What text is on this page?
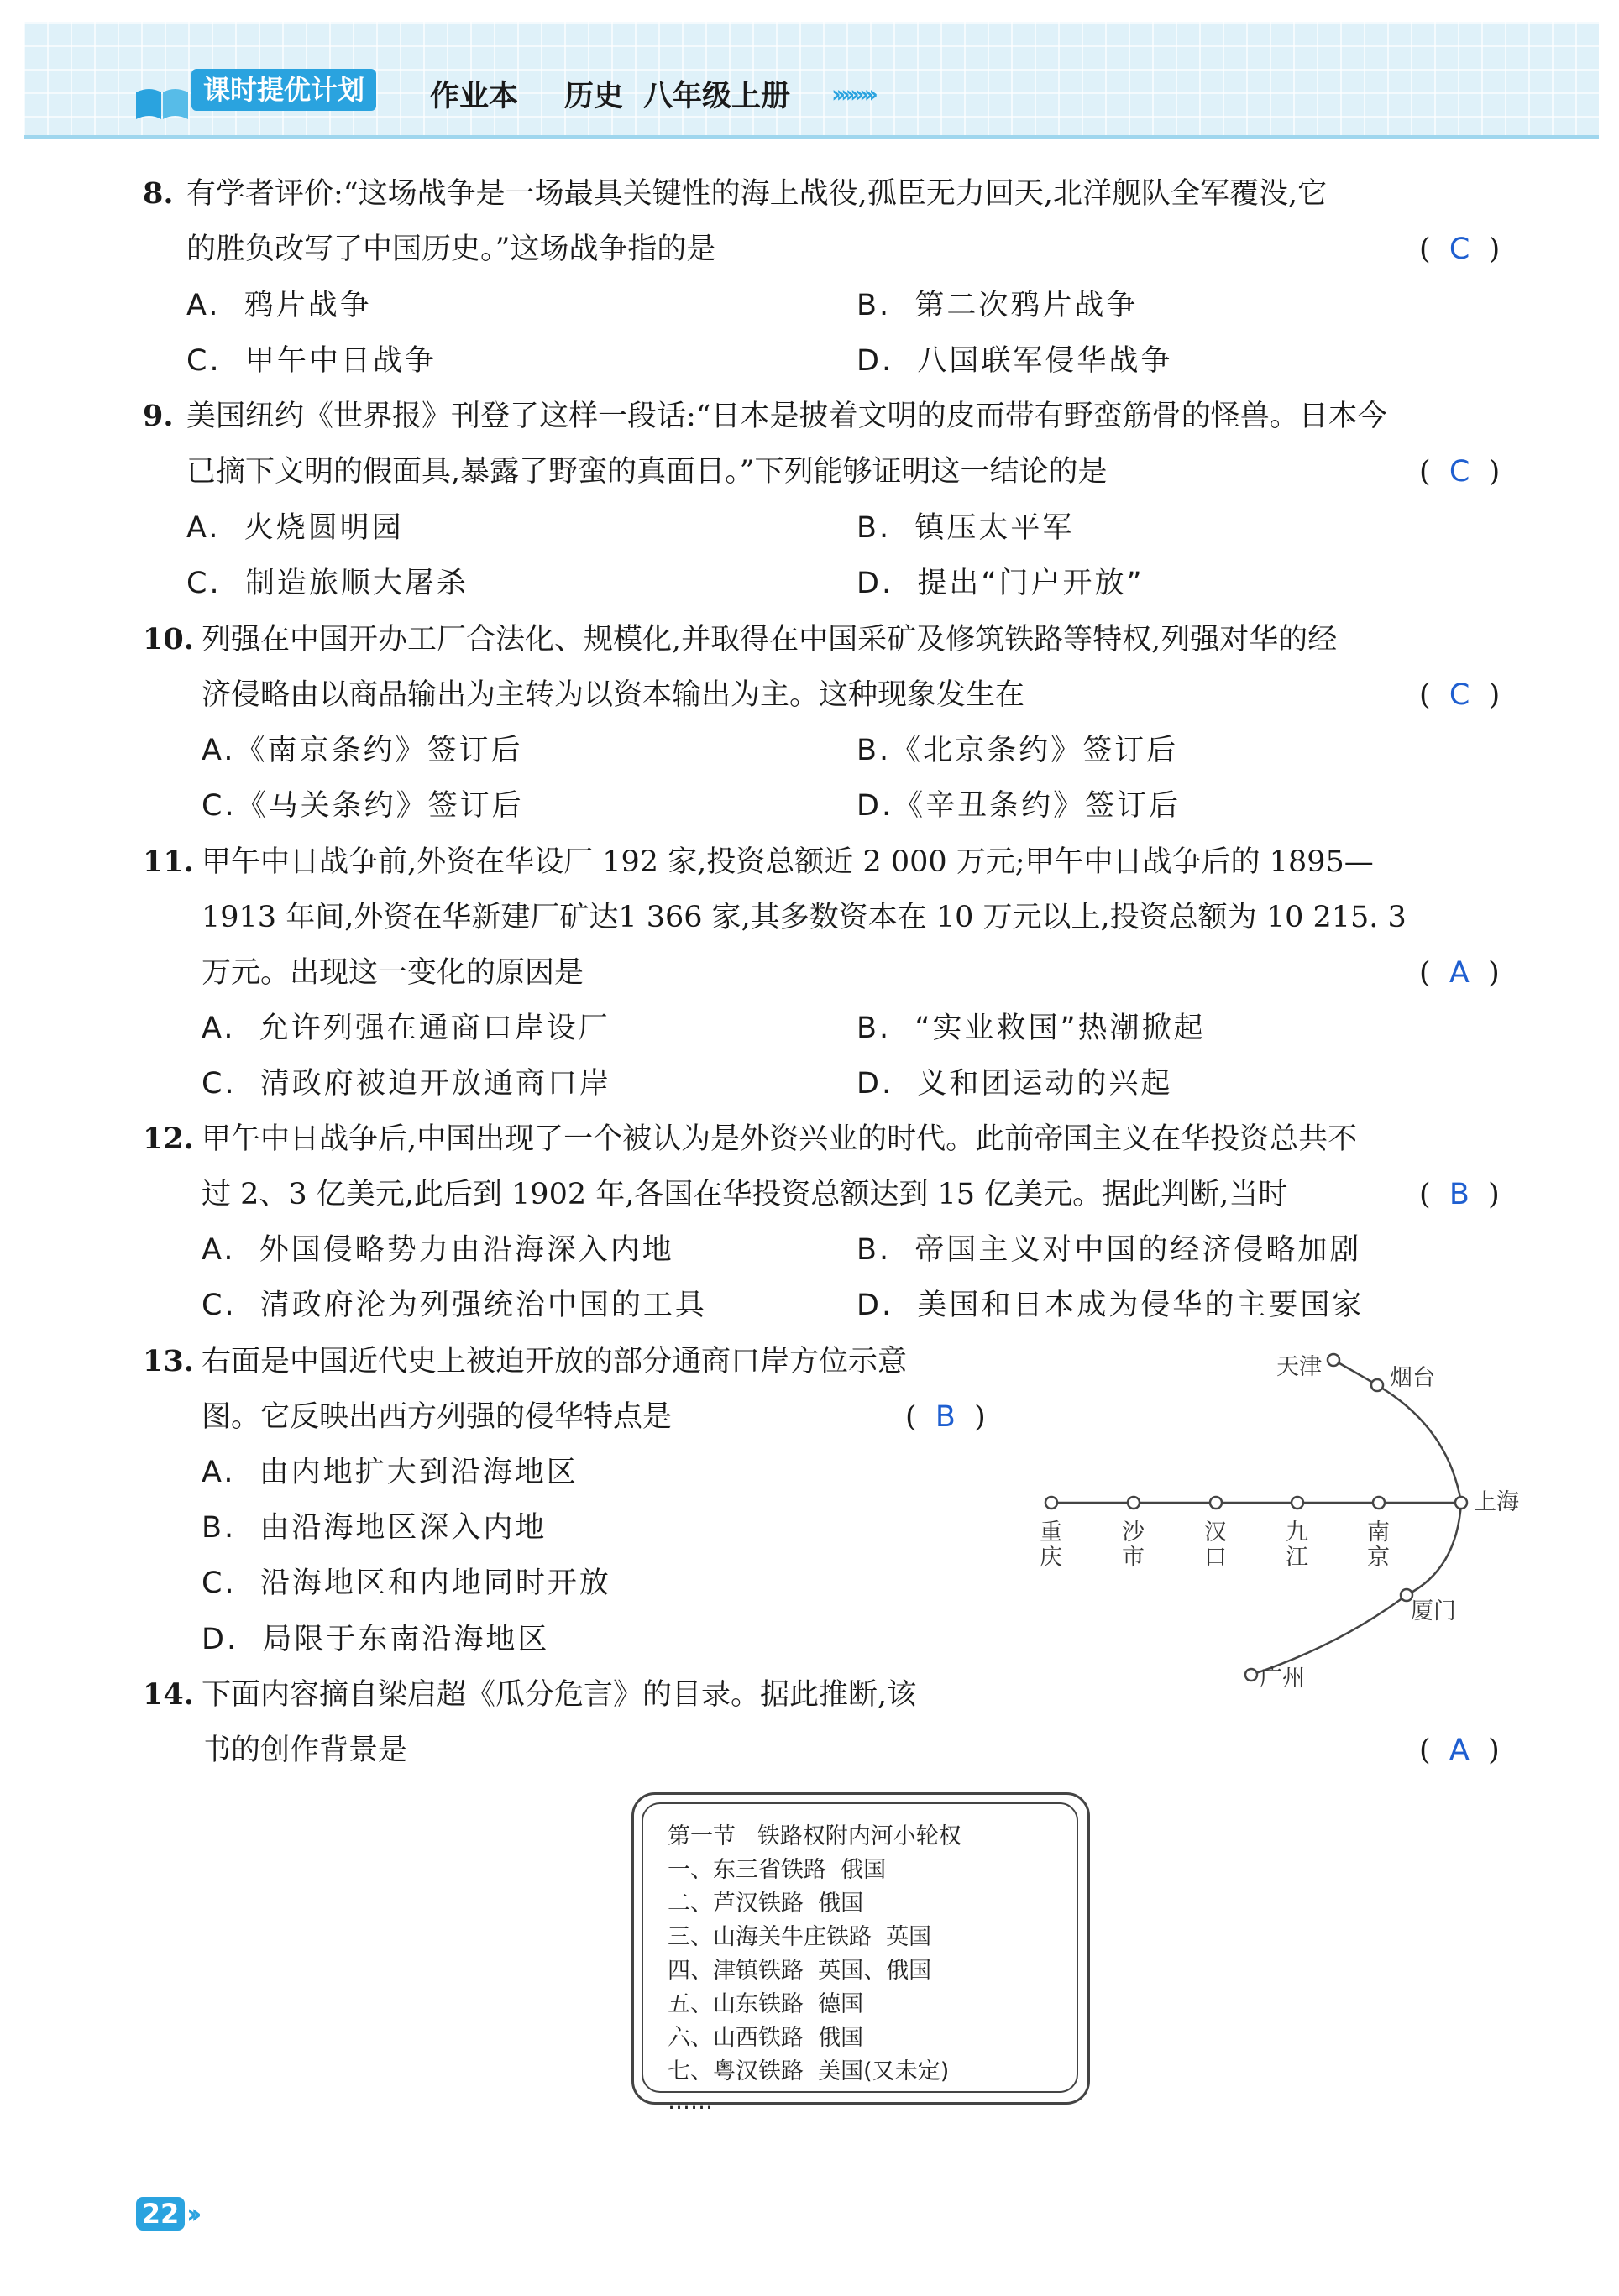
课时提优计划	作业本 历史 八年级上册 ›››››››››
8. 有学者评价:“这场战争是一场最具关键性的海上战役,孤臣无力回天,北洋舰队全军覆没,它
的胜负改写了中国历史。”这场战争指的是	(  C  )
A.  鸦片战争	B.  第二次鸦片战争
C.  甲午中日战争	D.  八国联军侵华战争
9. 美国纽约《世界报》刊登了这样一段话:“日本是披着文明的皮而带有野蛮筋骨的怪兽。日本今
已摘下文明的假面具,暴露了野蛮的真面目。”下列能够证明这一结论的是	(  C  )
A.  火烧圆明园	B.  镇压太平军
C.  制造旅顺大屠杀	D.  提出“门户开放”
10. 列强在中国开办工厂合法化、规模化,并取得在中国采矿及修筑铁路等特权,列强对华的经
济侵略由以商品输出为主转为以资本输出为主。这种现象发生在	(  C  )
A.《南京条约》签订后	B.《北京条约》签订后
C.《马关条约》签订后	D.《辛丑条约》签订后
11. 甲午中日战争前,外资在华设厂 192 家,投资总额近 2 000 万元;甲午中日战争后的 1895—
1913 年间,外资在华新建厂矿达1 366 家,其多数资本在 10 万元以上,投资总额为 10 215. 3
万元。出现这一变化的原因是	(  A  )
A.  允许列强在通商口岸设厂	B.  “实业救国”热潮掀起
C.  清政府被迫开放通商口岸	D.  义和团运动的兴起
12. 甲午中日战争后,中国出现了一个被认为是外资兴业的时代。此前帝国主义在华投资总共不
过 2、3 亿美元,此后到 1902 年,各国在华投资总额达到 15 亿美元。据此判断,当时	(  B  )
A.  外国侵略势力由沿海深入内地	B.  帝国主义对中国的经济侵略加剧
C.  清政府沦为列强统治中国的工具	D.  美国和日本成为侵华的主要国家
13. 右面是中国近代史上被迫开放的部分通商口岸方位示意
图。它反映出西方列强的侵华特点是	(  B  )
A.  由内地扩大到沿海地区
B.  由沿海地区深入内地
C.  沿海地区和内地同时开放
D.  局限于东南沿海地区
天津	烟台
上海
厦门
广州
重
庆
沙
市
汉
口
九
江
南
京
14. 下面内容摘自梁启超《瓜分危言》的目录。据此推断,该
书的创作背景是	(  A  )
第一节   铁路权附内河小轮权
一、东三省铁路  俄国
二、芦汉铁路  俄国
三、山海关牛庄铁路  英国
四、津镇铁路  英国、俄国
五、山东铁路  德国
六、山西铁路  俄国
七、粤汉铁路  美国(又未定)
……
22 ››
